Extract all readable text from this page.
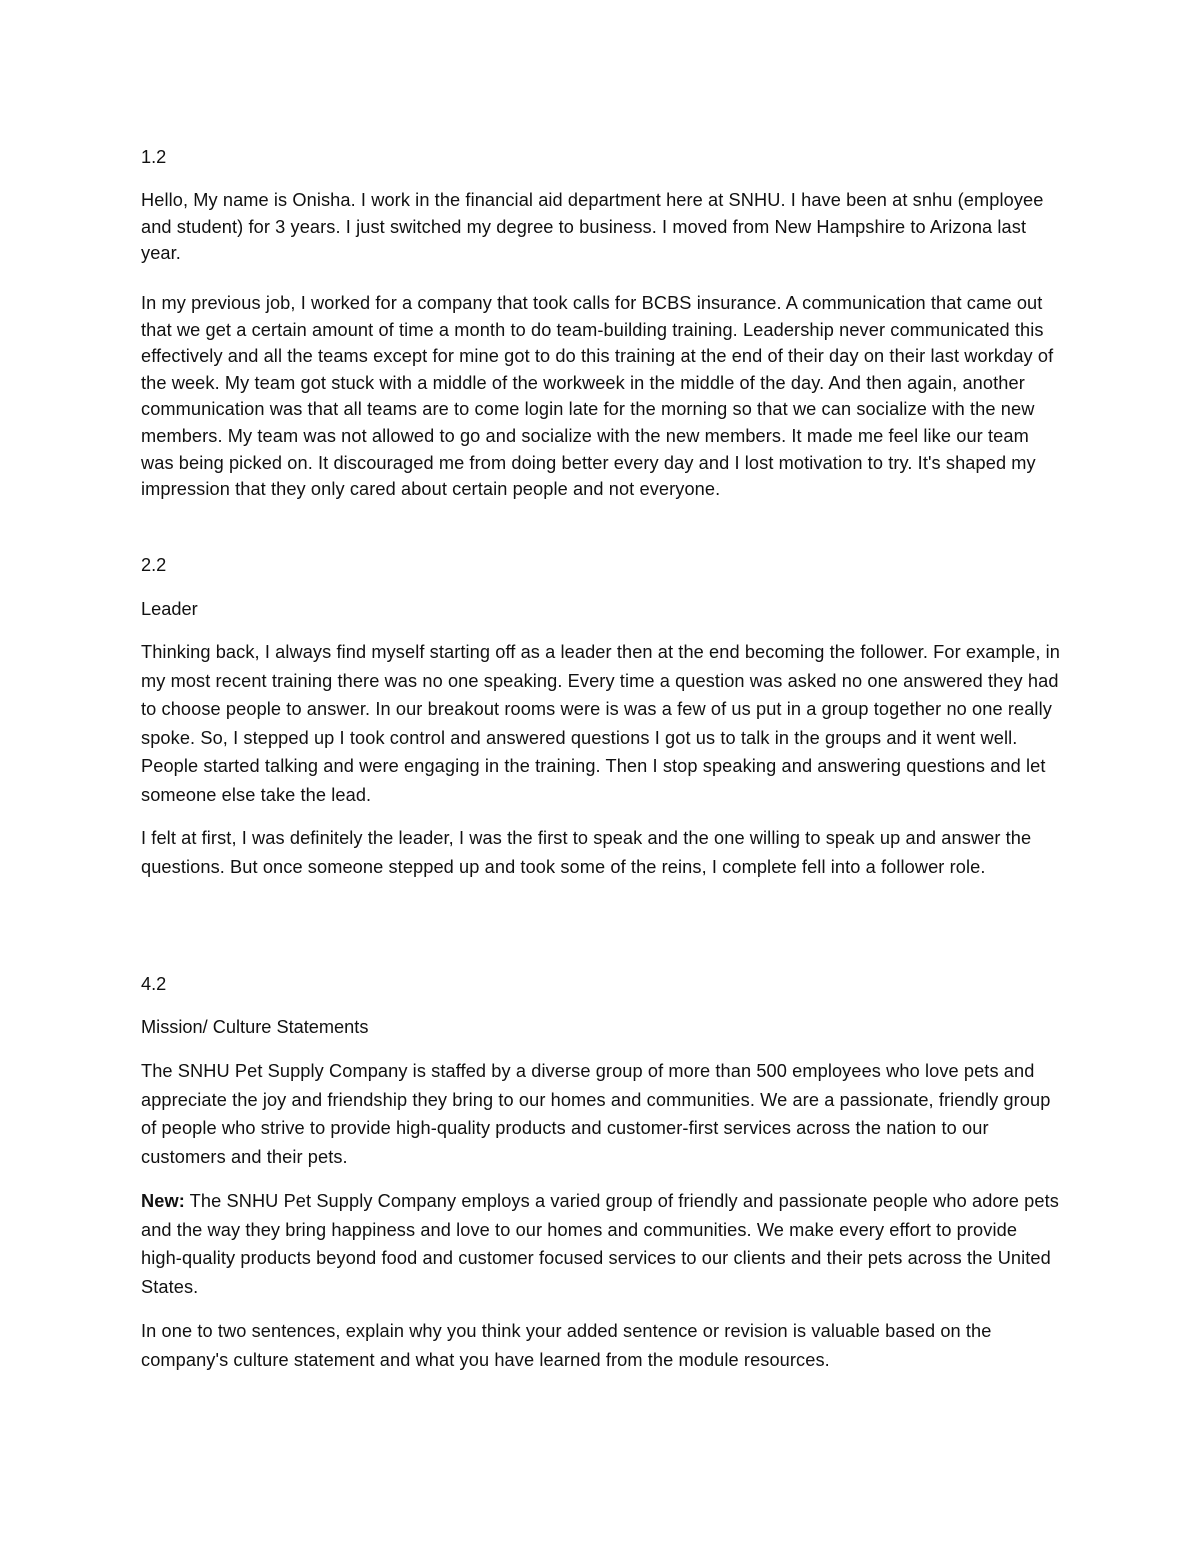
1.2

Hello, My name is Onisha. I work in the financial aid department here at SNHU. I have been at snhu (employee and student) for 3 years. I just switched my degree to business. I moved from New Hampshire to Arizona last year.

In my previous job, I worked for a company that took calls for BCBS insurance. A communication that came out that we get a certain amount of time a month to do team-building training. Leadership never communicated this effectively and all the teams except for mine got to do this training at the end of their day on their last workday of the week. My team got stuck with a middle of the workweek in the middle of the day. And then again, another communication was that all teams are to come login late for the morning so that we can socialize with the new members. My team was not allowed to go and socialize with the new members. It made me feel like our team was being picked on. It discouraged me from doing better every day and I lost motivation to try. It's shaped my impression that they only cared about certain people and not everyone.

2.2

Leader

Thinking back, I always find myself starting off as a leader then at the end becoming the follower. For example, in my most recent training there was no one speaking. Every time a question was asked no one answered they had to choose people to answer. In our breakout rooms were is was a few of us put in a group together no one really spoke. So, I stepped up I took control and answered questions I got us to talk in the groups and it went well. People started talking and were engaging in the training. Then I stop speaking and answering questions and let someone else take the lead.

I felt at first, I was definitely the leader, I was the first to speak and the one willing to speak up and answer the questions. But once someone stepped up and took some of the reins, I complete fell into a follower role.

4.2

Mission/ Culture Statements

The SNHU Pet Supply Company is staffed by a diverse group of more than 500 employees who love pets and appreciate the joy and friendship they bring to our homes and communities. We are a passionate, friendly group of people who strive to provide high-quality products and customer-first services across the nation to our customers and their pets.

New: The SNHU Pet Supply Company employs a varied group of friendly and passionate people who adore pets and the way they bring happiness and love to our homes and communities. We make every effort to provide high-quality products beyond food and customer focused services to our clients and their pets across the United States.

In one to two sentences, explain why you think your added sentence or revision is valuable based on the company's culture statement and what you have learned from the module resources.
